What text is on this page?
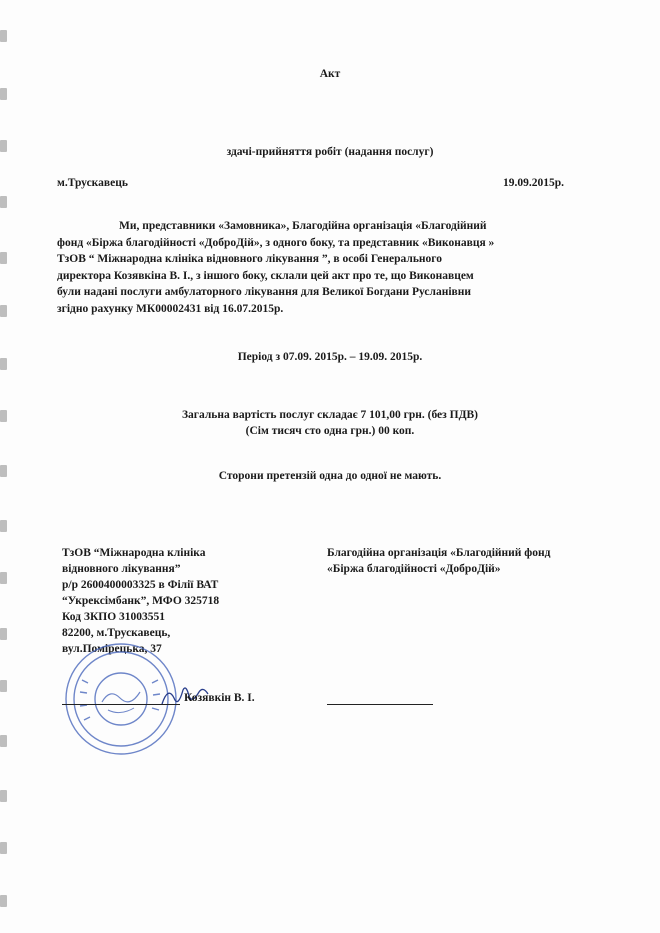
Акт
здачі-прийняття робіт (надання послуг)
м.Трускавець	19.09.2015р.

Ми, представники «Замовника», Благодійна організація «Благодійний

фонд «Біржа благодійності «ДоброДій», з одного боку, та представник «Виконавця »

ТзОВ “ Міжнародна клініка відновного лікування ”, в особі Генерального

директора Козявкіна В. І., з іншого боку, склали цей акт про те, що Виконавцем

були надані послуги амбулаторного лікування для Великої Богдани Русланівни

згідно рахунку МК00002431 від 16.07.2015р.

Період з 07.09. 2015р. – 19.09. 2015р.
Загальна вартість послуг складає 7 101,00 грн. (без ПДВ)
(Сім тисяч сто одна грн.) 00 коп.
Сторони претензій одна до одної не мають.
ТзОВ “Міжнародна клініка
відновного лікування”
р/р 2600400003325 в Філії ВАТ
“Укрексімбанк”, МФО 325718
Код ЗКПО 31003551
82200, м.Трускавець,
вул.Помірецька, 37
Благодійна організація «Благодійний фонд
«Біржа благодійності «ДоброДій»
Козявкін В. І.
